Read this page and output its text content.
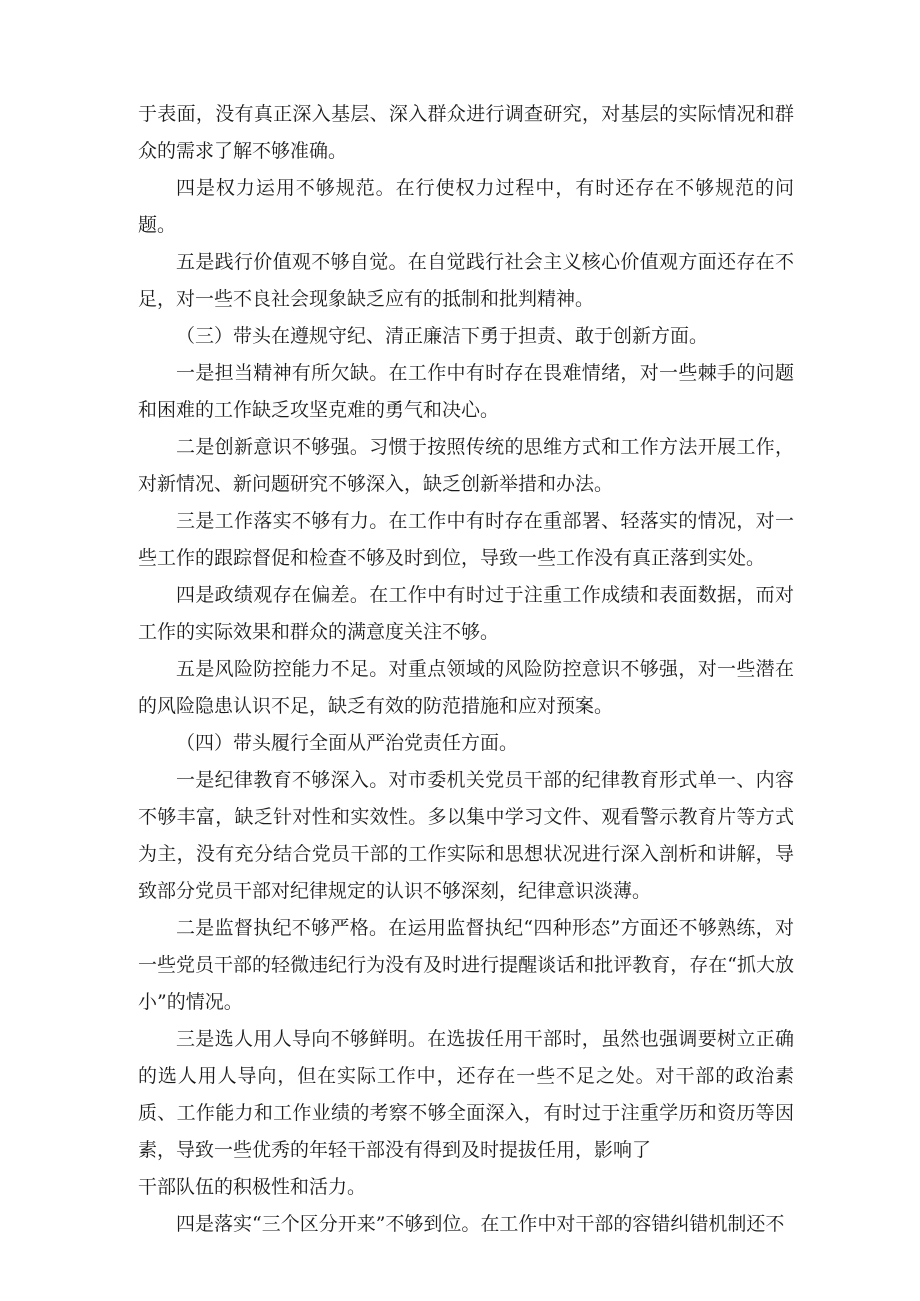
于表面，没有真正深入基层、深入群众进行调查研究，对基层的实际情况和群众的需求了解不够准确。

四是权力运用不够规范。在行使权力过程中，有时还存在不够规范的问题。

五是践行价值观不够自觉。在自觉践行社会主义核心价值观方面还存在不足，对一些不良社会现象缺乏应有的抵制和批判精神。

（三）带头在遵规守纪、清正廉洁下勇于担责、敢于创新方面。

一是担当精神有所欠缺。在工作中有时存在畏难情绪，对一些棘手的问题和困难的工作缺乏攻坚克难的勇气和决心。

二是创新意识不够强。习惯于按照传统的思维方式和工作方法开展工作，对新情况、新问题研究不够深入，缺乏创新举措和办法。

三是工作落实不够有力。在工作中有时存在重部署、轻落实的情况，对一些工作的跟踪督促和检查不够及时到位，导致一些工作没有真正落到实处。

四是政绩观存在偏差。在工作中有时过于注重工作成绩和表面数据，而对工作的实际效果和群众的满意度关注不够。

五是风险防控能力不足。对重点领域的风险防控意识不够强，对一些潜在的风险隐患认识不足，缺乏有效的防范措施和应对预案。

（四）带头履行全面从严治党责任方面。

一是纪律教育不够深入。对市委机关党员干部的纪律教育形式单一、内容不够丰富，缺乏针对性和实效性。多以集中学习文件、观看警示教育片等方式为主，没有充分结合党员干部的工作实际和思想状况进行深入剖析和讲解，导致部分党员干部对纪律规定的认识不够深刻，纪律意识淡薄。

二是监督执纪不够严格。在运用监督执纪“四种形态”方面还不够熟练，对一些党员干部的轻微违纪行为没有及时进行提醒谈话和批评教育，存在“抓大放小”的情况。

三是选人用人导向不够鲜明。在选拔任用干部时，虽然也强调要树立正确的选人用人导向，但在实际工作中，还存在一些不足之处。对干部的政治素质、工作能力和工作业绩的考察不够全面深入，有时过于注重学历和资历等因素，导致一些优秀的年轻干部没有得到及时提拔任用，影响了

干部队伍的积极性和活力。

四是落实“三个区分开来”不够到位。在工作中对干部的容错纠错机制还不
